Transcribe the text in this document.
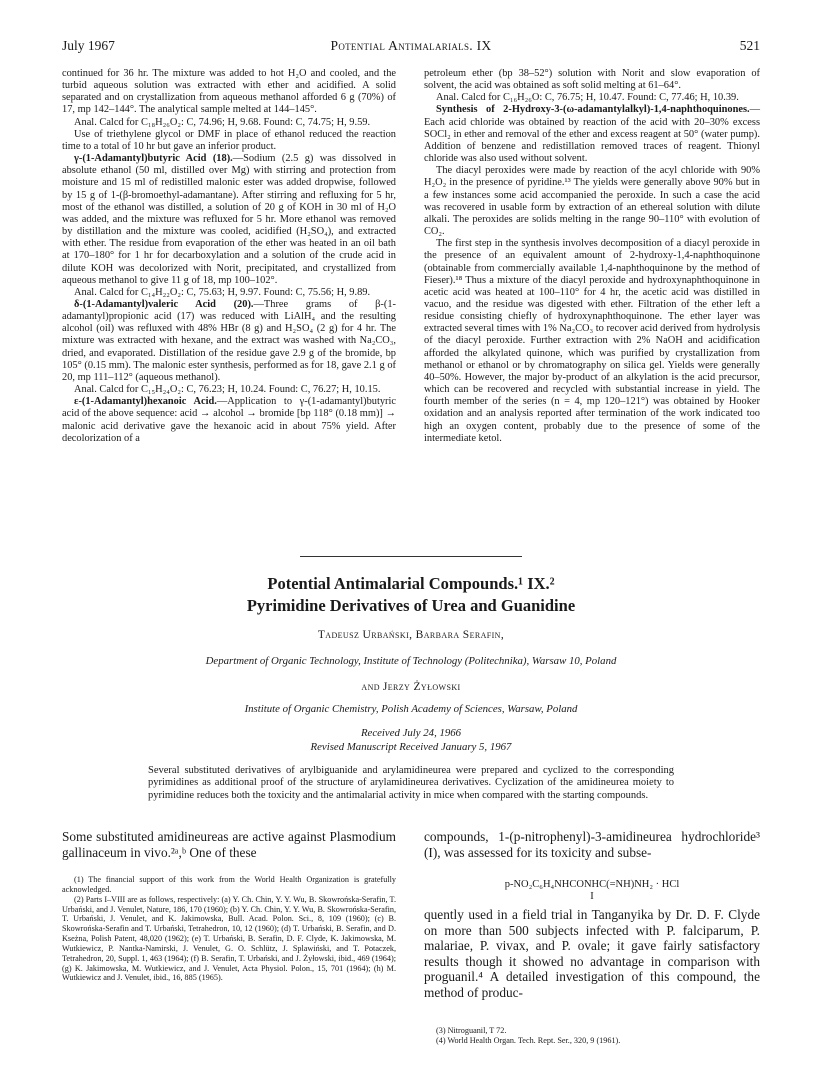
July 1967	Potential Antimalarials. IX	521

continued for 36 hr. The mixture was added to hot H₂O and cooled, and the turbid aqueous solution was extracted with ether and acidified. A solid separated and on crystallization from aqueous methanol afforded 6 g (70%) of 17, mp 142–144°. The analytical sample melted at 144–145°.

Anal. Calcd for C₁₈H₂₆O₂: C, 74.96; H, 9.68. Found: C, 74.75; H, 9.59.

Use of triethylene glycol or DMF in place of ethanol reduced the reaction time to a total of 10 hr but gave an inferior product.

γ-(1-Adamantyl)butyric Acid (18).—Sodium (2.5 g) was dissolved in absolute ethanol (50 ml, distilled over Mg) with stirring and protection from moisture and 15 ml of redistilled malonic ester was added dropwise, followed by 15 g of 1-(β-bromoethyl-adamantane). After stirring and refluxing for 5 hr, most of the ethanol was distilled, a solution of 20 g of KOH in 30 ml of H₂O was added, and the mixture was refluxed for 5 hr. More ethanol was removed by distillation and the mixture was cooled, acidified (H₂SO₄), and extracted with ether. The residue from evaporation of the ether was heated in an oil bath at 170–180° for 1 hr for decarboxylation and a solution of the crude acid in dilute KOH was decolorized with Norit, precipitated, and crystallized from aqueous methanol to give 11 g of 18, mp 100–102°.

Anal. Calcd for C₁₄H₂₂O₂: C, 75.63; H, 9.97. Found: C, 75.56; H, 9.89.

δ-(1-Adamantyl)valeric Acid (20).—Three grams of β-(1-adamantyl)propionic acid (17) was reduced with LiAlH₄ and the resulting alcohol (oil) was refluxed with 48% HBr (8 g) and H₂SO₄ (2 g) for 4 hr. The mixture was extracted with hexane, and the extract was washed with Na₂CO₃, dried, and evaporated. Distillation of the residue gave 2.9 g of the bromide, bp 105° (0.15 mm). The malonic ester synthesis, performed as for 18, gave 2.1 g of 20, mp 111–112° (aqueous methanol).

Anal. Calcd for C₁₅H₂₄O₂: C, 76.23; H, 10.24. Found: C, 76.27; H, 10.15.

ε-(1-Adamantyl)hexanoic Acid.—Application to γ-(1-adamantyl)butyric acid of the above sequence: acid → alcohol → bromide [bp 118° (0.18 mm)] → malonic acid derivative gave the hexanoic acid in about 75% yield. After decolorization of a

petroleum ether (bp 38–52°) solution with Norit and slow evaporation of solvent, the acid was obtained as soft solid melting at 61–64°.

Anal. Calcd for C₁₆H₂₆O: C, 76.75; H, 10.47. Found: C, 77.46; H, 10.39.

Synthesis of 2-Hydroxy-3-(ω-adamantylalkyl)-1,4-naphthoquinones.—Each acid chloride was obtained by reaction of the acid with 20–30% excess SOCl₂ in ether and removal of the ether and excess reagent at 50° (water pump). Addition of benzene and redistillation removed traces of reagent. Thionyl chloride was also used without solvent.

The diacyl peroxides were made by reaction of the acyl chloride with 90% H₂O₂ in the presence of pyridine.¹³ The yields were generally above 90% but in a few instances some acid accompanied the peroxide. In such a case the acid was recovered in usable form by extraction of an ethereal solution with dilute alkali. The peroxides are solids melting in the range 90–110° with evolution of CO₂.

The first step in the synthesis involves decomposition of a diacyl peroxide in the presence of an equivalent amount of 2-hydroxy-1,4-naphthoquinone (obtainable from commercially available 1,4-naphthoquinone by the method of Fieser).¹⁸ Thus a mixture of the diacyl peroxide and hydroxynaphthoquinone in acetic acid was heated at 100–110° for 4 hr, the acetic acid was distilled in vacuo, and the residue was digested with ether. Filtration of the ether left a residue consisting chiefly of hydroxynaphthoquinone. The ether layer was extracted several times with 1% Na₂CO₃ to recover acid derived from hydrolysis of the diacyl peroxide. Further extraction with 2% NaOH and acidification afforded the alkylated quinone, which was purified by crystallization from methanol or ethanol or by chromatography on silica gel. Yields were generally 40–50%. However, the major by-product of an alkylation is the acid precursor, which can be recovered and recycled with substantial increase in yield. The fourth member of the series (n = 4, mp 120–121°) was obtained by Hooker oxidation and an analysis reported after termination of the work indicated too high an oxygen content, probably due to the presence of some of the intermediate ketol.

Potential Antimalarial Compounds.¹ IX.²
Pyrimidine Derivatives of Urea and Guanidine
Tadeusz Urbański, Barbara Serafin,
Department of Organic Technology, Institute of Technology (Politechnika), Warsaw 10, Poland
and Jerzy Żyłowski
Institute of Organic Chemistry, Polish Academy of Sciences, Warsaw, Poland
Received July 24, 1966
Revised Manuscript Received January 5, 1967
Several substituted derivatives of arylbiguanide and arylamidineurea were prepared and cyclized to the corresponding pyrimidines as additional proof of the structure of arylamidineurea derivatives. Cyclization of the amidineurea moiety to pyrimidine reduces both the toxicity and the antimalarial activity in mice when compared with the starting compounds.
Some substituted amidineureas are active against Plasmodium gallinaceum in vivo.²ᵃ,ᵇ One of these
(1) The financial support of this work from the World Health Organization is gratefully acknowledged.
(2) Parts I–VIII are as follows, respectively: (a) Y. Ch. Chin, Y. Y. Wu, B. Skowrońska-Serafin, T. Urbański, and J. Venulet, Nature, 186, 170 (1960); (b) Y. Ch. Chin, Y. Y. Wu, B. Skowrońska-Serafin, T. Urbański, J. Venulet, and K. Jakimowska, Bull. Acad. Polon. Sci., 8, 109 (1960); (c) B. Skowrońska-Serafin and T. Urbański, Tetrahedron, 10, 12 (1960); (d) T. Urbański, B. Serafin, and D. Kseżna, Polish Patent, 48,020 (1962); (e) T. Urbański, B. Serafin, D. F. Clyde, K. Jakimowska, M. Wutkiewicz, P. Nantka-Namirski, J. Venulet, G. O. Schlütz, J. Splawiński, and T. Potaczek, Tetrahedron, 20, Suppl. 1, 463 (1964); (f) B. Serafin, T. Urbański, and J. Żyłowski, ibid., 469 (1964); (g) K. Jakimowska, M. Wutkiewicz, and J. Venulet, Acta Physiol. Polon., 15, 701 (1964); (h) M. Wutkiewicz and J. Venulet, ibid., 16, 885 (1965).
compounds, 1-(p-nitrophenyl)-3-amidineurea hydrochloride³ (I), was assessed for its toxicity and subse-
p-NO₂C₆H₄NHCONHC(=NH)NH₂ · HCl
I
quently used in a field trial in Tanganyika by Dr. D. F. Clyde on more than 500 subjects infected with P. falciparum, P. malariae, P. vivax, and P. ovale; it gave fairly satisfactory results though it showed no advantage in comparison with proguanil.⁴ A detailed investigation of this compound, the method of produc-
(3) Nitroguanil, T 72.
(4) World Health Organ. Tech. Rept. Ser., 320, 9 (1961).
